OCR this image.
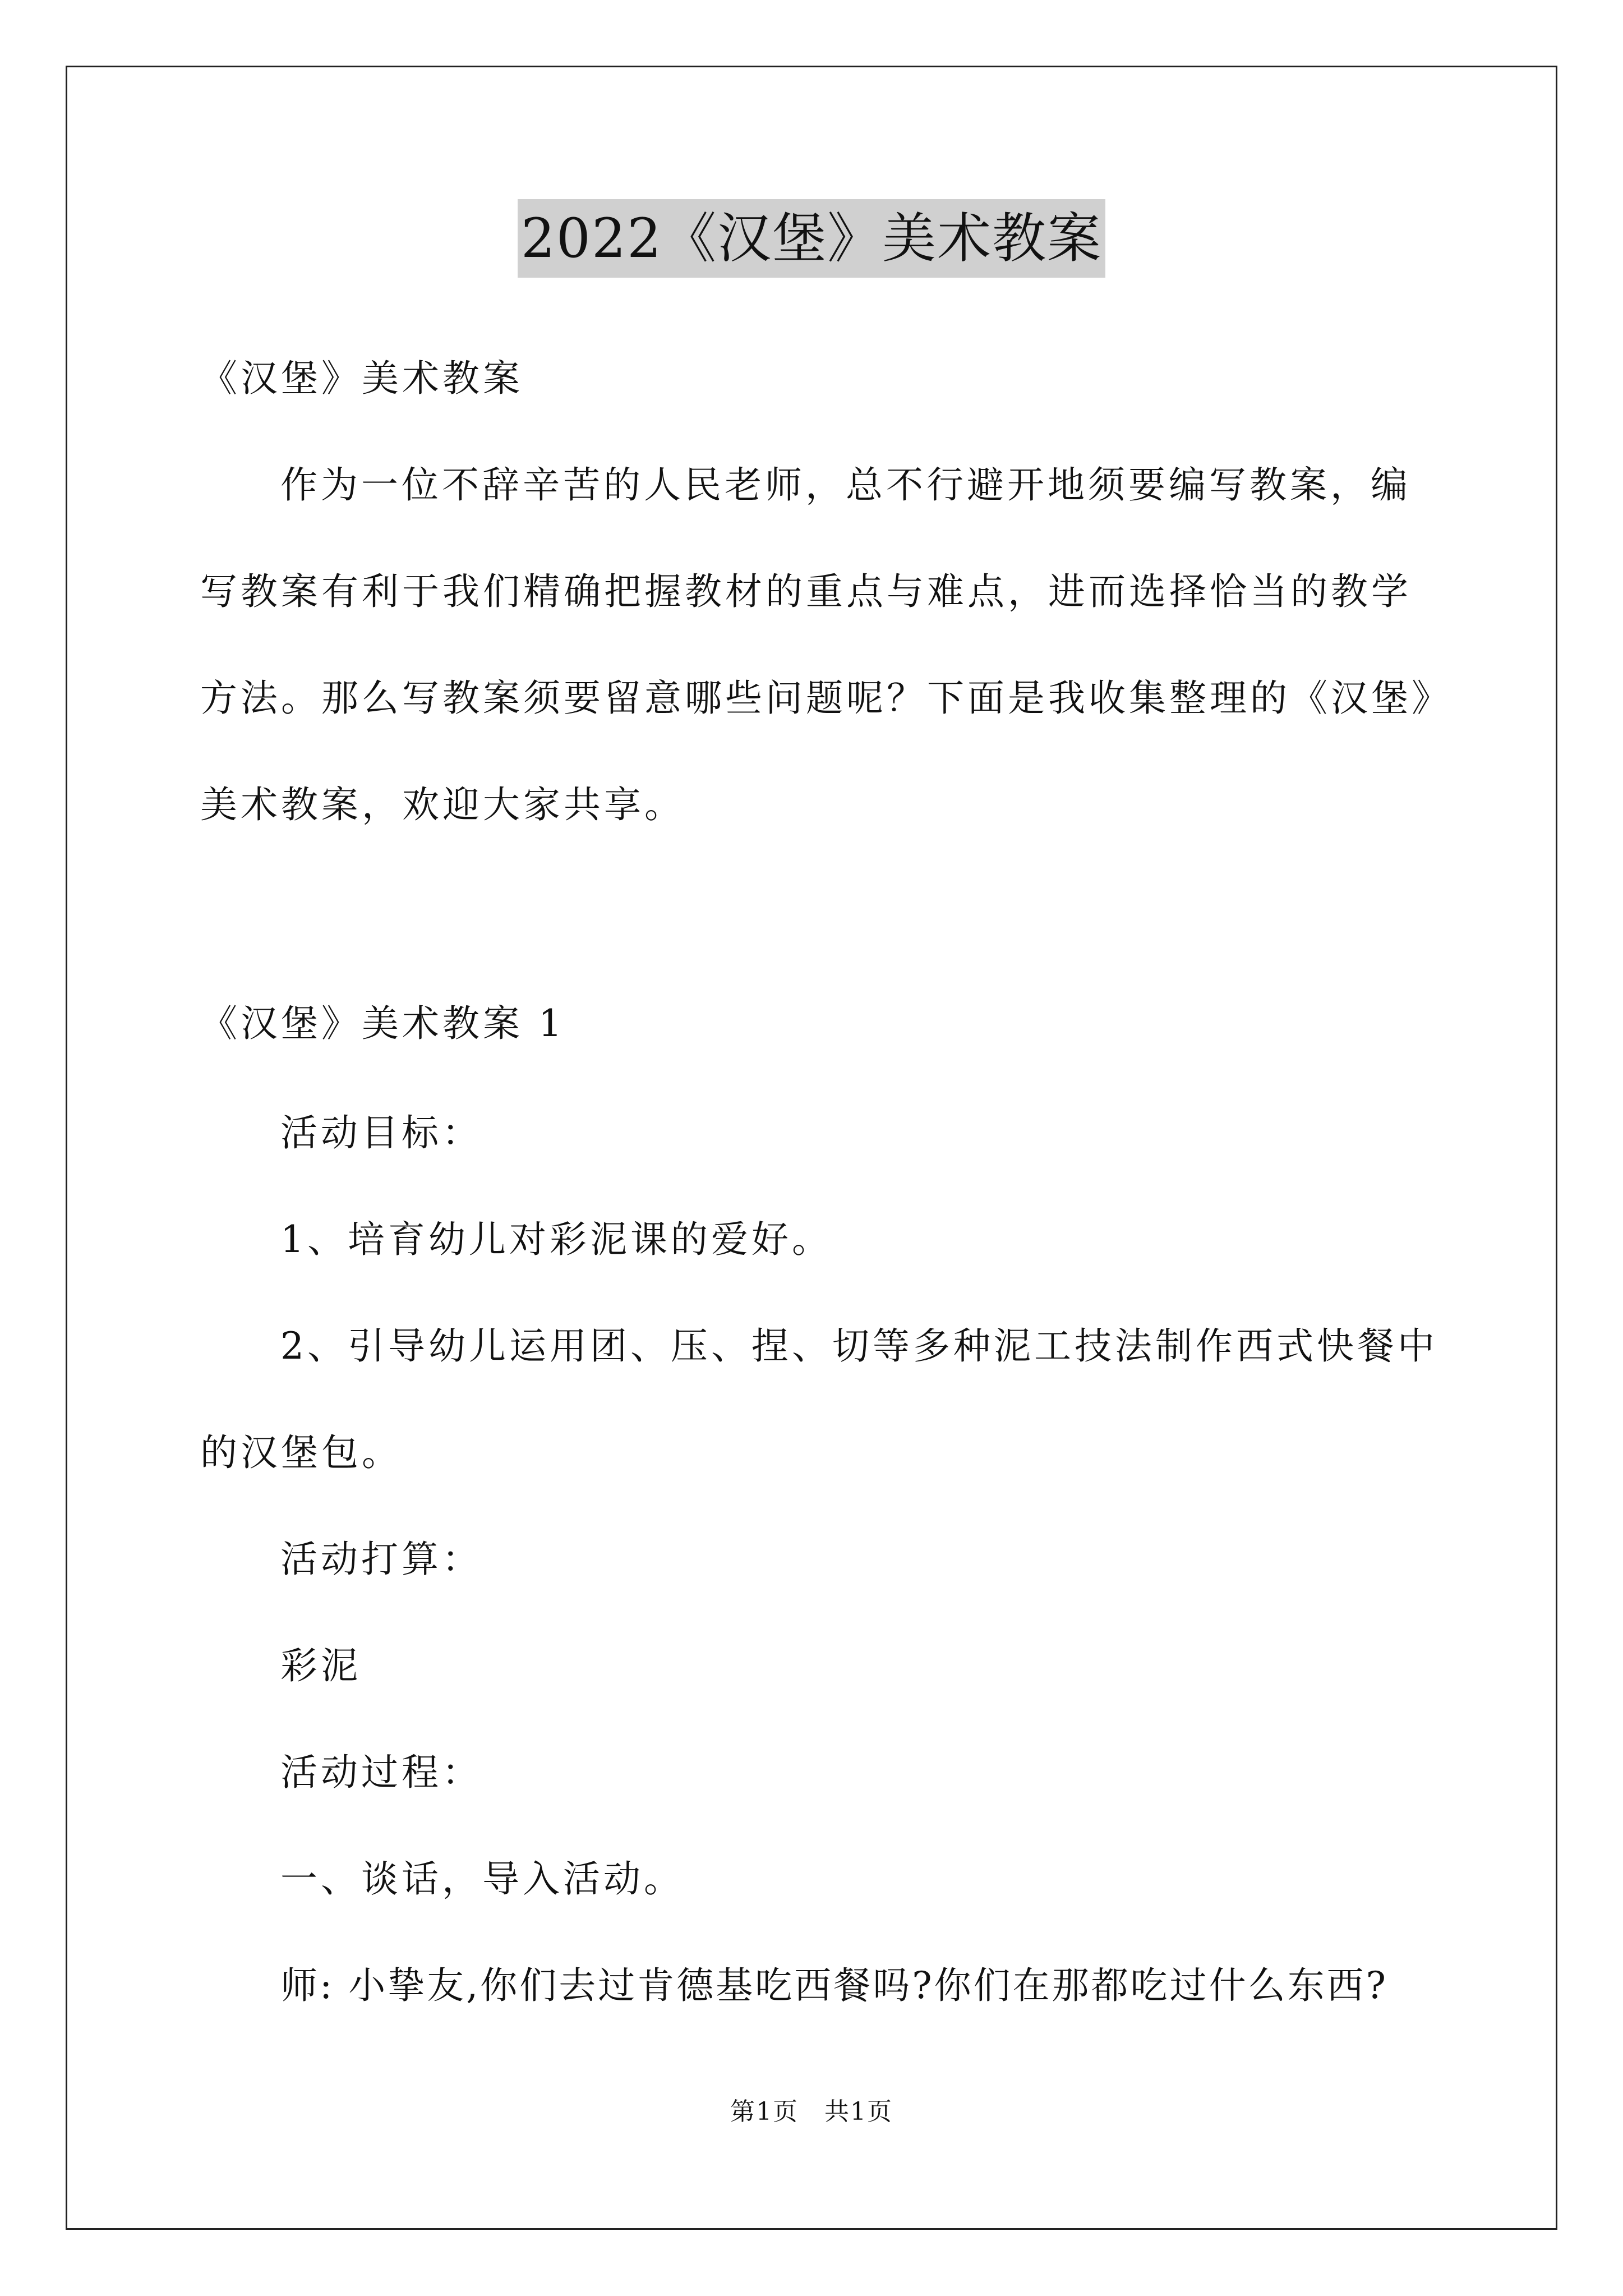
2022《汉堡》美术教案
《汉堡》美术教案
作为一位不辞辛苦的人民老师，总不行避开地须要编写教案，编
写教案有利于我们精确把握教材的重点与难点，进而选择恰当的教学
方法。那么写教案须要留意哪些问题呢？下面是我收集整理的《汉堡》
美术教案，欢迎大家共享。
《汉堡》美术教案 1
活动目标：
1、培育幼儿对彩泥课的爱好。
2、引导幼儿运用团、压、捏、切等多种泥工技法制作西式快餐中
的汉堡包。
活动打算：
彩泥
活动过程：
一、谈话，导入活动。
师: 小挚友,你们去过肯德基吃西餐吗?你们在那都吃过什么东西?
第1页　共1页
